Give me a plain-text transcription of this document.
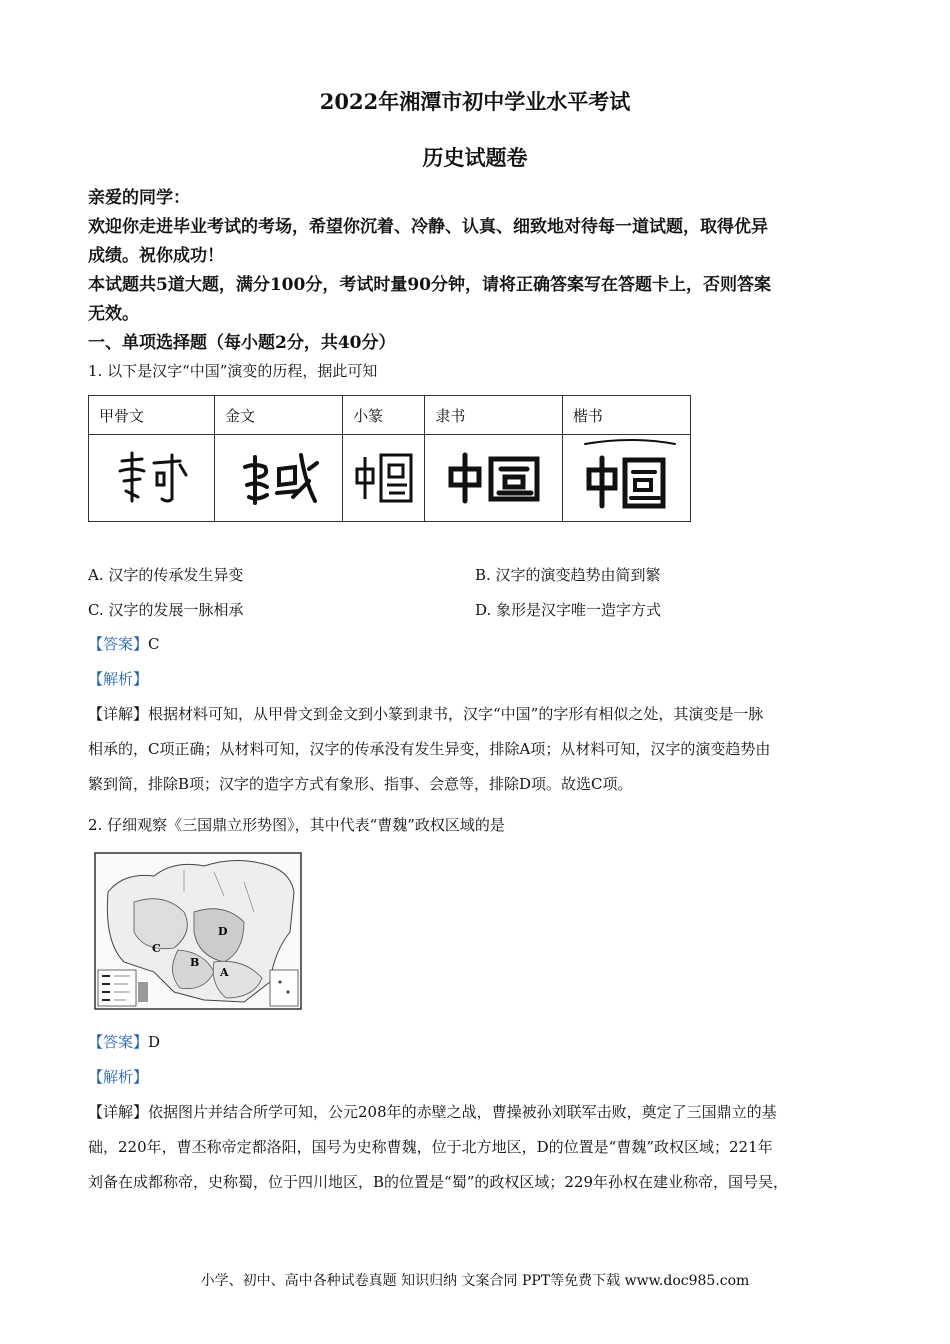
2022年湘潭市初中学业水平考试
历史试题卷
亲爱的同学：
欢迎你走进毕业考试的考场，希望你沉着、冷静、认真、细致地对待每一道试题，取得优异
成绩。祝你成功！
本试题共5道大题，满分100分，考试时量90分钟，请将正确答案写在答题卡上，否则答案
无效。
一、单项选择题（每小题2分，共40分）
1. 以下是汉字“中国”演变的历程，据此可知
甲骨文	金文	小篆	隶书	楷书

A. 汉字的传承发生异变	B. 汉字的演变趋势由简到繁
C. 汉字的发展一脉相承	D. 象形是汉字唯一造字方式
【答案】C
【解析】
【详解】根据材料可知，从甲骨文到金文到小篆到隶书，汉字“中国”的字形有相似之处，其演变是一脉
相承的，C项正确；从材料可知，汉字的传承没有发生异变，排除A项；从材料可知，汉字的演变趋势由
繁到简，排除B项；汉字的造字方式有象形、指事、会意等，排除D项。故选C项。
2. 仔细观察《三国鼎立形势图》，其中代表“曹魏”政权区域的是
D
C
B
A
【答案】D
【解析】
【详解】依据图片并结合所学可知，公元208年的赤壁之战，曹操被孙刘联军击败，奠定了三国鼎立的基
础，220年，曹丕称帝定都洛阳，国号为史称曹魏，位于北方地区，D的位置是“曹魏”政权区域；221年
刘备在成都称帝，史称蜀，位于四川地区，B的位置是“蜀”的政权区域；229年孙权在建业称帝，国号吴，
小学、初中、高中各种试卷真题 知识归纳 文案合同 PPT等免费下载 www.doc985.com
